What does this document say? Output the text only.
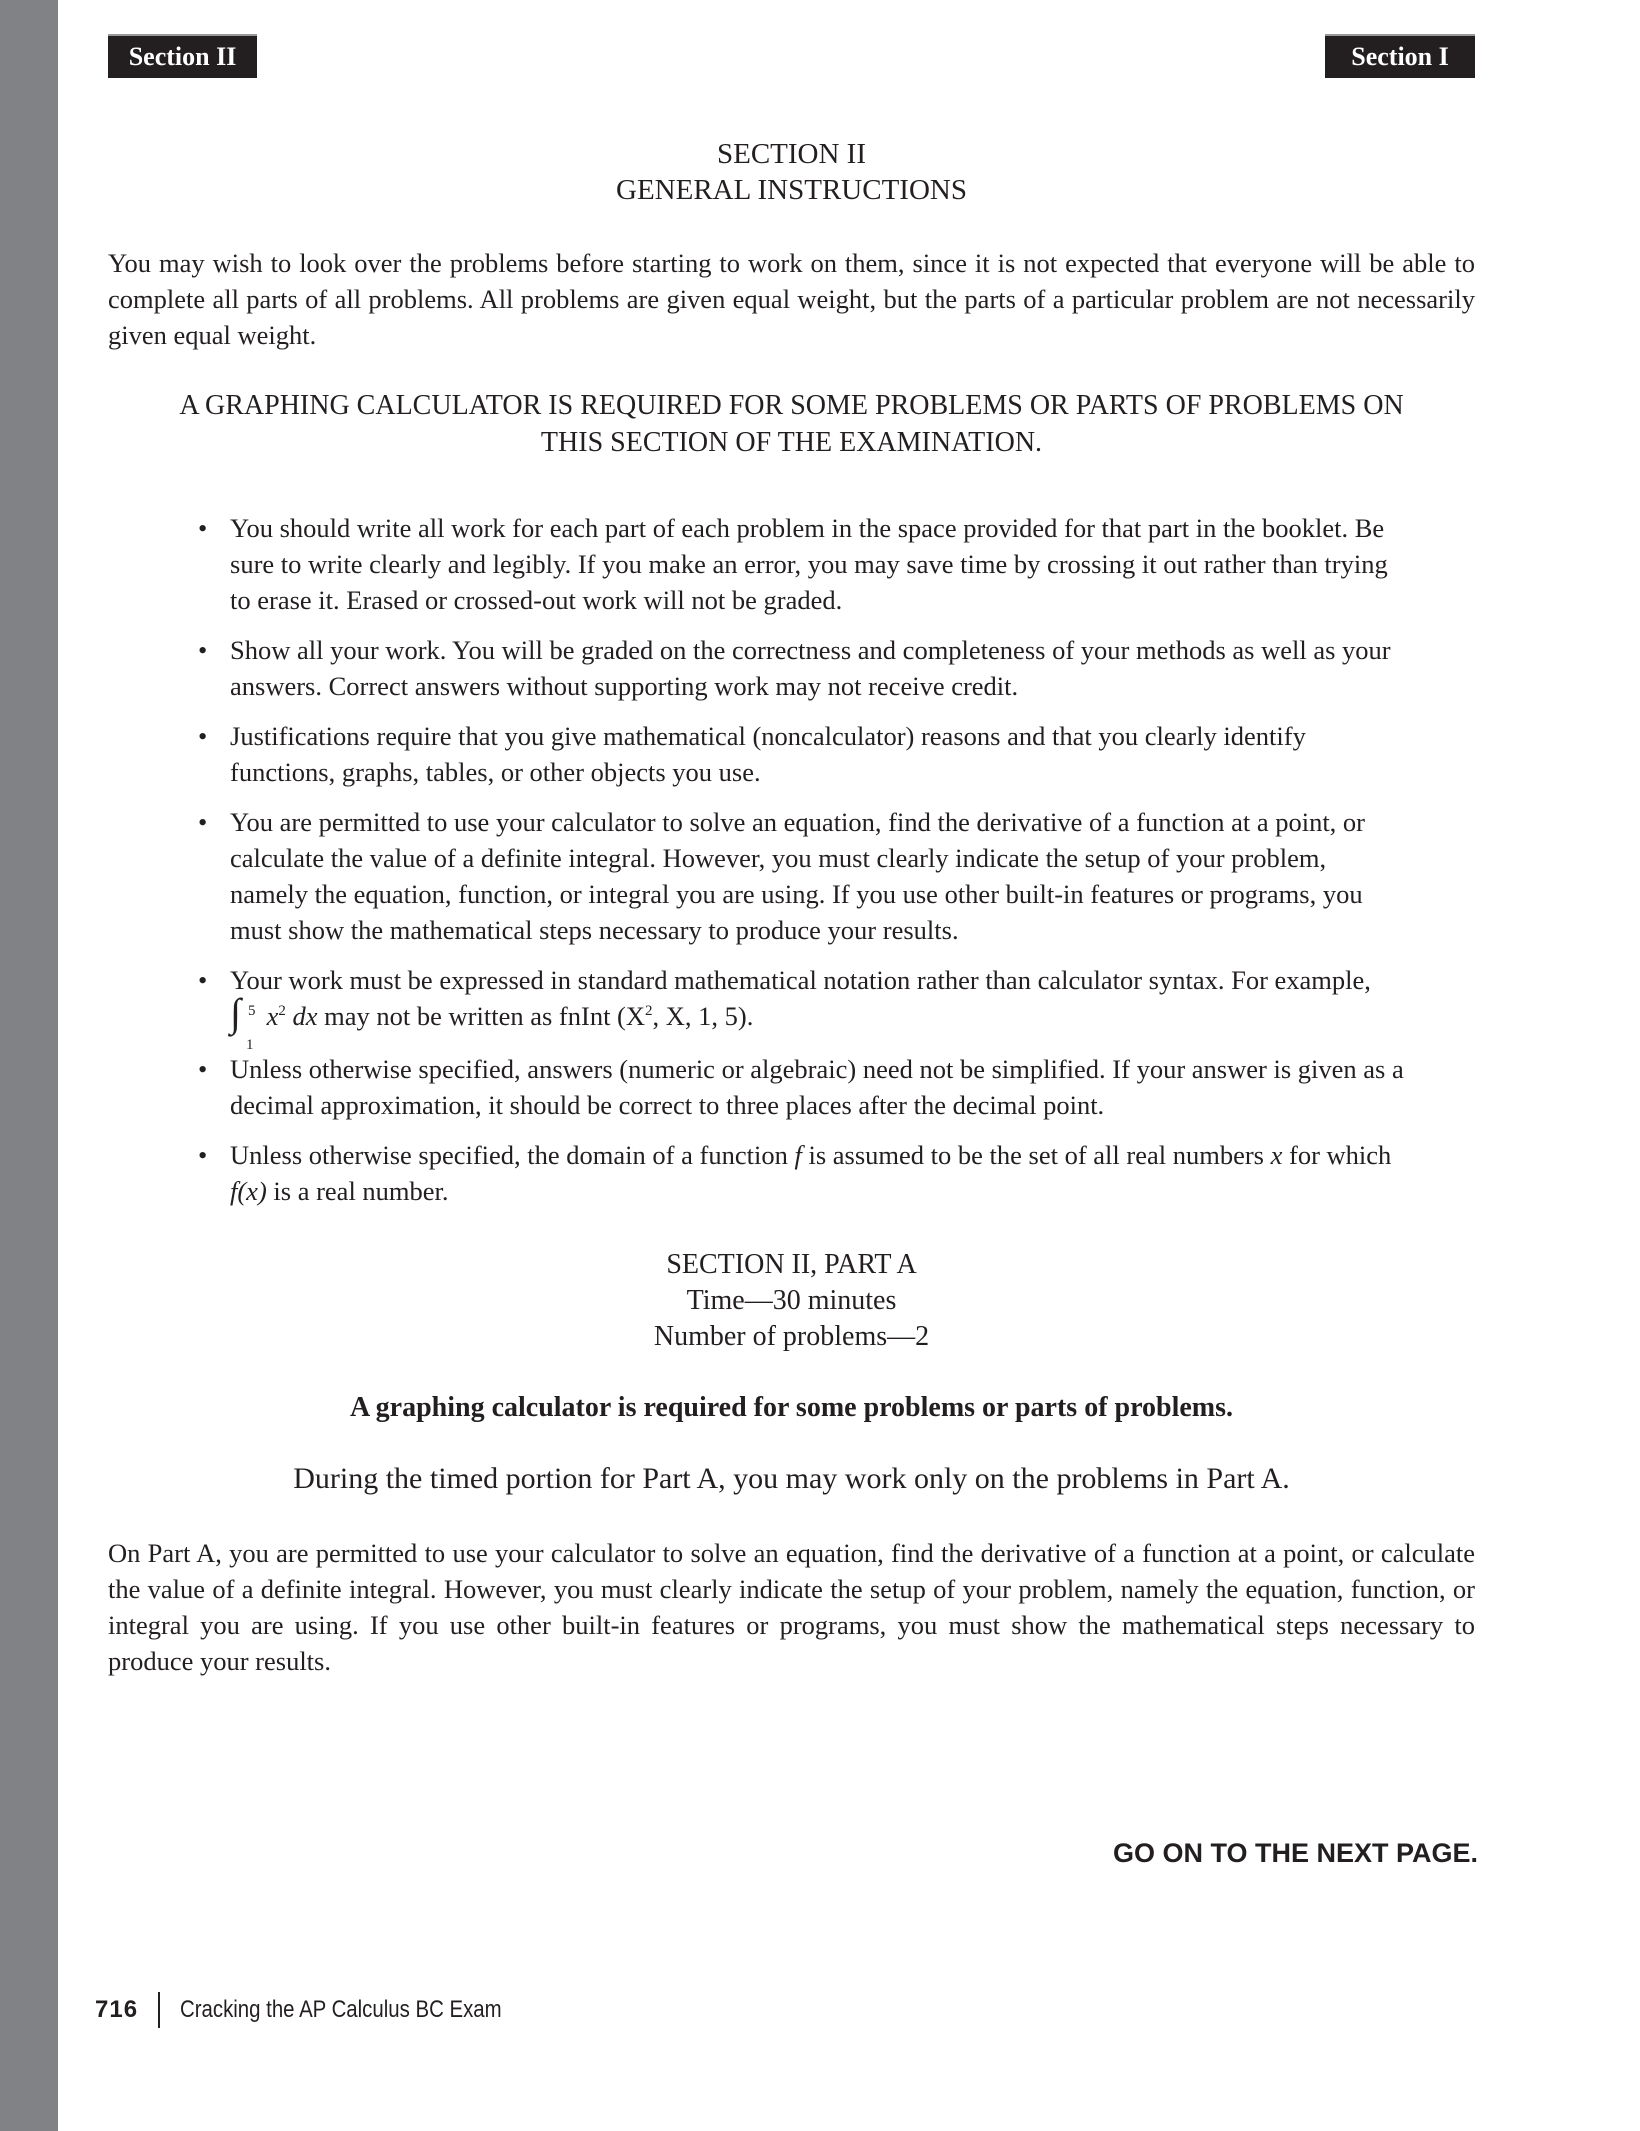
Section II	Section I
SECTION II
GENERAL INSTRUCTIONS
You may wish to look over the problems before starting to work on them, since it is not expected that everyone will be able to complete all parts of all problems. All problems are given equal weight, but the parts of a particular problem are not necessarily given equal weight.
A GRAPHING CALCULATOR IS REQUIRED FOR SOME PROBLEMS OR PARTS OF PROBLEMS ON
THIS SECTION OF THE EXAMINATION.
• You should write all work for each part of each problem in the space provided for that part in the booklet. Be sure to write clearly and legibly. If you make an error, you may save time by crossing it out rather than trying to erase it. Erased or crossed-out work will not be graded.
• Show all your work. You will be graded on the correctness and completeness of your methods as well as your answers. Correct answers without supporting work may not receive credit.
• Justifications require that you give mathematical (noncalculator) reasons and that you clearly identify functions, graphs, tables, or other objects you use.
• You are permitted to use your calculator to solve an equation, find the derivative of a function at a point, or calculate the value of a definite integral. However, you must clearly indicate the setup of your problem, namely the equation, function, or integral you are using. If you use other built-in features or programs, you must show the mathematical steps necessary to produce your results.
• Your work must be expressed in standard mathematical notation rather than calculator syntax. For example,

∫ 5
1
$x^2$ dx may not be written as fnInt ($X^2$, X, 1, 5).
• Unless otherwise specified, answers (numeric or algebraic) need not be simplified. If your answer is given as a decimal approximation, it should be correct to three places after the decimal point.
• Unless otherwise specified, the domain of a function f is assumed to be the set of all real numbers x for which f(x) is a real number.
SECTION II, PART A
Time—30 minutes
Number of problems—2
A graphing calculator is required for some problems or parts of problems.
During the timed portion for Part A, you may work only on the problems in Part A.
On Part A, you are permitted to use your calculator to solve an equation, find the derivative of a function at a point, or calculate the value of a definite integral. However, you must clearly indicate the setup of your problem, namely the equation, function, or integral you are using. If you use other built-in features or programs, you must show the mathematical steps necessary to produce your results.
GO ON TO THE NEXT PAGE.
716 Cracking the AP Calculus BC Exam
